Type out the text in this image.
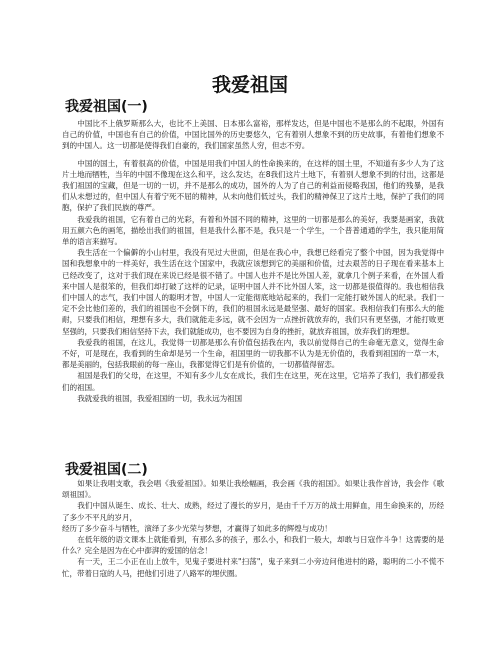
我爱祖国
我爱祖国(一)

中国比不上俄罗斯那么大，也比不上美国、日本那么富裕，那样发达，但是中国也不是那么的不起眼，外国有自己的价值，中国也有自己的价值，中国比国外的历史要悠久，它有着别人想象不到的历史故事，有着他们想象不到的中国人。这一切都是使得我们自豪的，我们国家虽然人穷，但志不穷。

中国的国土，有着很高的价值，中国是用我们中国人的性命换来的，在这样的国土里，不知道有多少人为了这片土地而牺牲，当年的中国不像现在这么和平，这么发达，在8我们这片土地下，有着别人想象不到的付出，这都是我们祖国的宝藏，但是一切的一切，并不是那么的成功，国外的人为了自己的利益而侵略我国，他们的残暴，是我们从未想过的，但中国人有着宁死不屈的精神，从未向他们低过头，我们的精神保卫了这片土地，保护了我们的同胞，保护了我们民族的尊严。

我爱我的祖国，它有着自己的光彩，有着和外国不同的精神，这里的一切都是那么的美好，我要是画家，我就用五颜六色的画笔，描绘出我们的祖国，但是我什么都不是，我只是一个学生，一个普普通通的学生，我只能用简单的语言来描写。

我生活在一个偏僻的小山村里，我没有见过大世面，但是在我心中，我想已经看完了整个中国，因为我觉得中国和我想象中的一样美好，我生活在这个国家中，我就应该想到它的美丽和价值，过去艰苦的日子现在看来基本上已经改变了，这对于我们现在来说已经是很不错了。中国人也并不是比外国人差，就拿几个例子来看，在外国人看来中国人是很笨的，但我们却打破了这样的记录，证明中国人并不比外国人笨，这一切都是很值得的。我也相信我们中国人的志气，我们中国人的聪明才智，中国人一定能彻底地站起来的，我们一定能打破外国人的纪录。我们一定不会比他们差的，我们的祖国也不会倒下的，我们的祖国永远是最坚强、最好的国家。我相信我们有那么大的能耐，只要我们相信，理想有多大，我们就能走多远，就不会因为一点挫折就放弃的，我们只有更坚强，才能打败更坚强的，只要我们相信坚持下去，我们就能成功，也不要因为自身的挫折，就放弃祖国，放弃我们的理想。

我爱我的祖国，在这儿，我觉得一切都是那么有价值包括我在内，我以前觉得自己的生命毫无意义，觉得生命不好，可是现在，我看到的生命却是另一个生命，祖国里的一切我都不认为是无价值的，我看到祖国的一草一木，都是美丽的，包括我眼前的每一座山，我都觉得它们是有价值的，一切都值得留恋。

祖国是我们的父母，在这里，不知有多少儿女在成长，我们生在这里，死在这里，它培养了我们，我们都爱我们的祖国。

我就爱我的祖国，我爱祖国的一切，我永远为祖国

我爱祖国(二)

如果让我唱支歌，我会唱《我爱祖国》。如果让我绘幅画，我会画《我的祖国》。如果让我作首诗，我会作《歌颂祖国》。

我们中国从诞生、成长、壮大、成熟，经过了漫长的岁月，是由千千万万的战士用鲜血，用生命换来的，历经了多少不平凡的岁月，

经历了多少奋斗与牺牲，演绎了多少光荣与梦想，才赢得了如此多的辉煌与成功！

在低年级的语文课本上就能看到，有那么多的孩子，那么小，和我们一般大，却敢与日寇作斗争！这需要的是什么？完全是因为在心中澎湃的爱国的信念！

有一天，王二小正在山上放牛，见鬼子要进村来"扫荡"，鬼子来到二小旁边问他进村的路，聪明的二小不慌不忙，带着日寇的人马，把他们引进了八路军的埋伏圈。
